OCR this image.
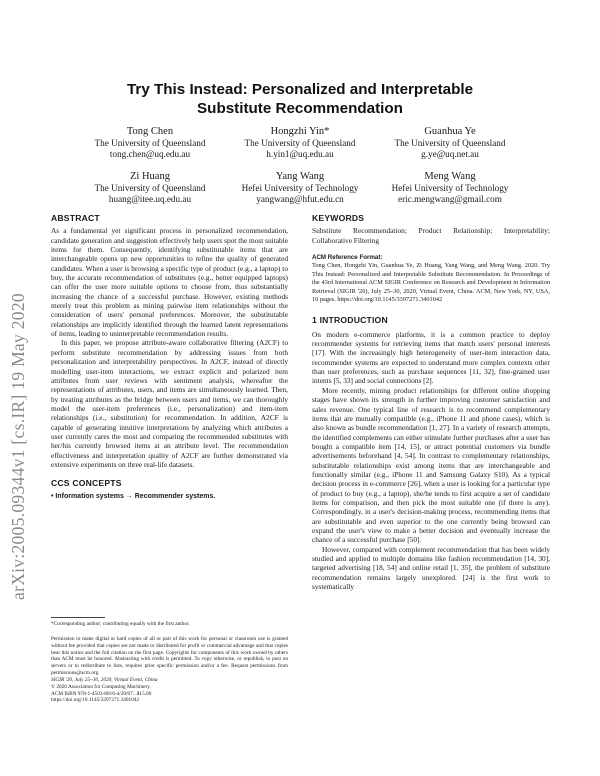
arXiv:2005.09344v1 [cs.IR] 19 May 2020
Try This Instead: Personalized and Interpretable
Substitute Recommendation
Tong Chen
The University of Queensland
tong.chen@uq.edu.au
Hongzhi Yin*
The University of Queensland
h.yin1@uq.edu.au
Guanhua Ye
The University of Queensland
g.ye@uq.net.au
Zi Huang
The University of Queensland
huang@itee.uq.edu.au
Yang Wang
Hefei University of Technology
yangwang@hfut.edu.cn
Meng Wang
Hefei University of Technology
eric.mengwang@gmail.com
ABSTRACT

As a fundamental yet significant process in personalized recommendation, candidate generation and suggestion effectively help users spot the most suitable items for them. Consequently, identifying substitutable items that are interchangeable opens up new opportunities to refine the quality of generated candidates. When a user is browsing a specific type of product (e.g., a laptop) to buy, the accurate recommendation of substitutes (e.g., better equipped laptops) can offer the user more suitable options to choose from, thus substantially increasing the chance of a successful purchase. However, existing methods merely treat this problem as mining pairwise item relationships without the consideration of users' personal preferences. Moreover, the substitutable relationships are implicitly identified through the learned latent representations of items, leading to uninterpretable recommendation results.

In this paper, we propose attribute-aware collaborative filtering (A2CF) to perform substitute recommendation by addressing issues from both personalization and interpretability perspectives. In A2CF, instead of directly modelling user-item interactions, we extract explicit and polarized item attributes from user reviews with sentiment analysis, whereafter the representations of attributes, users, and items are simultaneously learned. Then, by treating attributes as the bridge between users and items, we can thoroughly model the user-item preferences (i.e., personalization) and item-item relationships (i.e., substitution) for recommendation. In addition, A2CF is capable of generating intuitive interpretations by analyzing which attributes a user currently cares the most and comparing the recommended substitutes with her/his currently browsed items at an attribute level. The recommendation effectiveness and interpretation quality of A2CF are further demonstrated via extensive experiments on three real-life datasets.

CCS CONCEPTS
• Information systems → Recommender systems.
*Corresponding author; contributing equally with the first author.
Permission to make digital or hard copies of all or part of this work for personal or classroom use is granted without fee provided that copies are not made or distributed for profit or commercial advantage and that copies bear this notice and the full citation on the first page. Copyrights for components of this work owned by others than ACM must be honored. Abstracting with credit is permitted. To copy otherwise, or republish, to post on servers or to redistribute to lists, requires prior specific permission and/or a fee. Request permissions from permissions@acm.org.
SIGIR '20, July 25–30, 2020, Virtual Event, China
© 2020 Association for Computing Machinery.
ACM ISBN 978-1-4503-8016-4/20/07...$15.00
https://doi.org/10.1145/3397271.3401042
KEYWORDS

Substitute Recommendation; Product Relationship; Interpretability; Collaborative Filtering

ACM Reference Format:

Tong Chen, Hongzhi Yin, Guanhua Ye, Zi Huang, Yang Wang, and Meng Wang. 2020. Try This Instead: Personalized and Interpretable Substitute Recommendation. In Proceedings of the 43rd International ACM SIGIR Conference on Research and Development in Information Retrieval (SIGIR '20), July 25–30, 2020, Virtual Event, China. ACM, New York, NY, USA, 10 pages. https://doi.org/10.1145/3397271.3401042

1 INTRODUCTION

On modern e-commerce platforms, it is a common practice to deploy recommender systems for retrieving items that match users' personal interests [17]. With the increasingly high heterogeneity of user-item interaction data, recommender systems are expected to understand more complex contexts other than user preferences, such as purchase sequences [11, 32], fine-grained user intents [5, 33] and social connections [2].

More recently, mining product relationships for different online shopping stages have shown its strength in further improving customer satisfaction and sales revenue. One typical line of research is to recommend complementary items that are mutually compatible (e.g., iPhone 11 and phone cases), which is also known as bundle recommendation [1, 27]. In a variety of research attempts, the identified complements can either stimulate further purchases after a user has bought a compatible item [14, 15], or attract potential customers via bundle advertisements beforehand [4, 54]. In contrast to complementary relationships, substitutable relationships exist among items that are interchangeable and functionally similar (e.g., iPhone 11 and Samsung Galaxy S10). As a typical decision process in e-commerce [26], when a user is looking for a particular type of product to buy (e.g., a laptop), she/he tends to first acquire a set of candidate items for comparison, and then pick the most suitable one (if there is any). Correspondingly, in a user's decision-making process, recommending items that are substitutable and even superior to the one currently being browsed can expand the user's view to make a better decision and eventually increase the chance of a successful purchase [50].

However, compared with complement recommendation that has been widely studied and applied to multiple domains like fashion recommendation [14, 30], targeted advertising [18, 54] and online retail [1, 35], the problem of substitute recommendation remains largely unexplored. [24] is the first work to systematically
